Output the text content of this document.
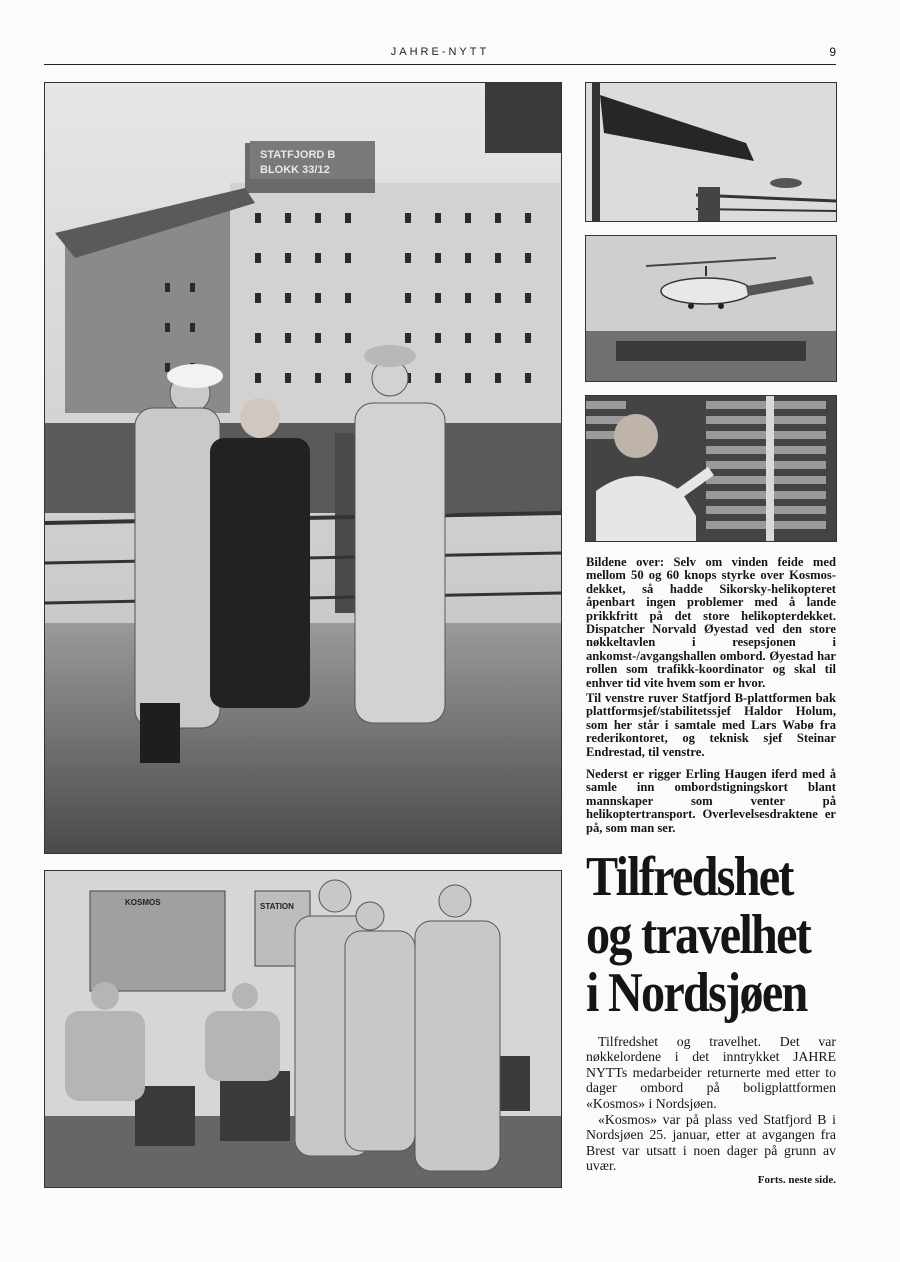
JAHRE-NYTT	9
STATFJORD B
BLOKK 33/12
KOSMOS	STATION

Bildene over: Selv om vinden feide med mellom 50 og 60 knops styrke over Kosmos-dekket, så hadde Sikorsky-helikopteret åpenbart ingen problemer med å lande prikkfritt på det store helikopterdekket. Dispatcher Norvald Øyestad ved den store nøkkeltavlen i resepsjonen i ankomst-/avgangshallen ombord. Øyestad har rollen som trafikk-koordinator og skal til enhver tid vite hvem som er hvor.

Til venstre ruver Statfjord B-plattformen bak plattformsjef/stabilitetssjef Haldor Holum, som her står i samtale med Lars Wabø fra rederikontoret, og teknisk sjef Steinar Endrestad, til venstre.

Nederst er rigger Erling Haugen iferd med å samle inn ombordstigningskort blant mannskaper som venter på helikoptertransport. Overlevelsesdraktene er på, som man ser.

Tilfredshet
og travelhet
i Nordsjøen

Tilfredshet og travelhet. Det var nøkkelordene i det inntrykket JAHRE NYTTs medarbeider returnerte med etter to dager ombord på boligplattformen «Kosmos» i Nordsjøen.

«Kosmos» var på plass ved Statfjord B i Nordsjøen 25. januar, etter at avgangen fra Brest var utsatt i noen dager på grunn av uvær.

Forts. neste side.
